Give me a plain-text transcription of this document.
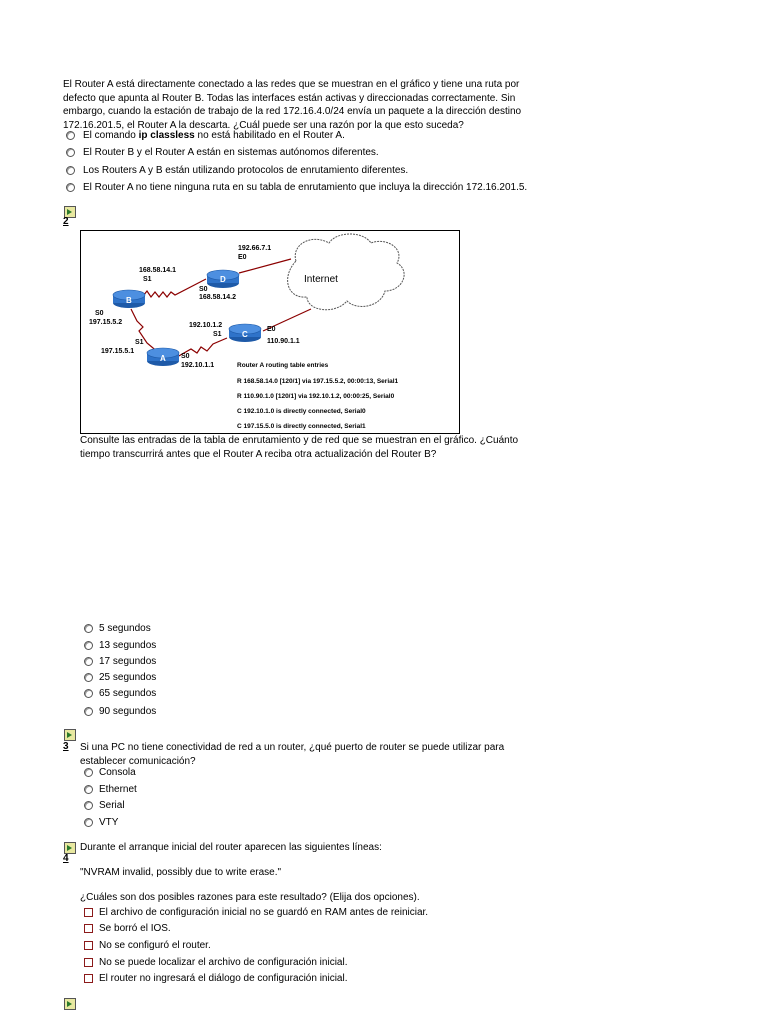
El Router A está directamente conectado a las redes que se muestran en el gráfico y tiene una ruta por
defecto que apunta al Router B. Todas las interfaces están activas y direccionadas correctamente. Sin
embargo, cuando la estación de trabajo de la red 172.16.4.0/24 envía un paquete a la dirección destino
172.16.201.5, el Router A la descarta. ¿Cuál puede ser una razón por la que esto suceda?
El comando ip classless no está habilitado en el Router A.
El Router B y el Router A están en sistemas autónomos diferentes.
Los Routers A y B están utilizando protocolos de enrutamiento diferentes.
El Router A no tiene ninguna ruta en su tabla de enrutamiento que incluya la dirección 172.16.201.5.
2
Internet
D
B
C
A
192.66.7.1
E0
168.58.14.1
S1
S0
168.58.14.2
S0
197.15.5.2	192.10.1.2
S1
E0
110.90.1.1
S1
197.15.5.1
S0
192.10.1.1	Router A routing table entries
R 168.58.14.0 [120/1] via 197.15.5.2, 00:00:13, Serial1
R 110.90.1.0 [120/1] via 192.10.1.2, 00:00:25, Serial0
C 192.10.1.0 is directly connected, Serial0
C 197.15.5.0 is directly connected, Serial1
Consulte las entradas de la tabla de enrutamiento y de red que se muestran en el gráfico. ¿Cuánto
tiempo transcurrirá antes que el Router A reciba otra actualización del Router B?
5 segundos
13 segundos
17 segundos
25 segundos
65 segundos
90 segundos
3 Si una PC no tiene conectividad de red a un router, ¿qué puerto de router se puede utilizar para
establecer comunicación?
Consola
Ethernet
Serial
VTY
Durante el arranque inicial del router aparecen las siguientes líneas:
4
"NVRAM invalid, possibly due to write erase."
¿Cuáles son dos posibles razones para este resultado? (Elija dos opciones).
El archivo de configuración inicial no se guardó en RAM antes de reiniciar.
Se borró el IOS.
No se configuró el router.
No se puede localizar el archivo de configuración inicial.
El router no ingresará el diálogo de configuración inicial.
